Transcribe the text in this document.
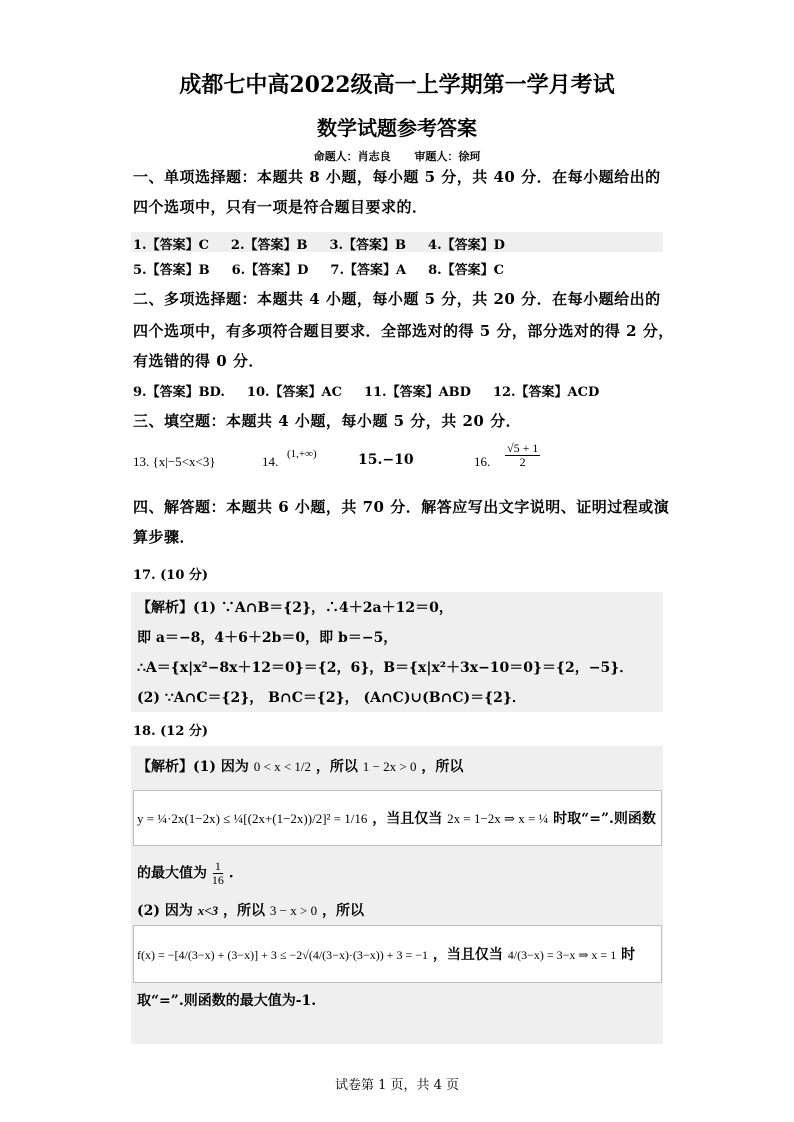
成都七中高2022级高一上学期第一学月考试
数学试题参考答案
命题人：肖志良 审题人：徐珂
一、单项选择题：本题共 8 小题，每小题 5 分，共 40 分．在每小题给出的
四个选项中，只有一项是符合题目要求的．
1.【答案】C 2.【答案】B 3.【答案】B 4.【答案】D
5.【答案】B 6.【答案】D 7.【答案】A 8.【答案】C
二、多项选择题：本题共 4 小题，每小题 5 分，共 20 分．在每小题给出的
四个选项中，有多项符合题目要求．全部选对的得 5 分，部分选对的得 2 分，
有选错的得 0 分．
9.【答案】BD. 10.【答案】AC 11.【答案】ABD 12.【答案】ACD
三、填空题：本题共 4 小题，每小题 5 分，共 20 分．
13. {x|−5<x<3}	14. (1,+∞)	15.−10	16. $\frac{√5 + 1}{2}$
四、解答题：本题共 6 小题，共 70 分．解答应写出文字说明、证明过程或演
算步骤．
17. (10 分)
【解析】(1) ∵A∩B＝{2}，∴4＋2a＋12＝0，
即 a＝−8，4＋6＋2b＝0，即 b＝−5，
∴A＝{x|x²−8x＋12＝0}＝{2，6}，B＝{x|x²＋3x−10＝0}＝{2，−5}．
(2) ∵A∩C＝{2}， B∩C＝{2}， (A∩C)∪(B∩C)＝{2}．
18. (12 分)
【解析】(1) 因为 0 < x < 1/2 ，所以 1 − 2x > 0 ，所以
y = ¼·2x(1−2x) ≤ ¼[(2x+(1−2x))/2]² = 1/16 ，当且仅当 2x = 1−2x ⇒ x = ¼ 时取“=”.则函数
的最大值为 $\frac{1}{16}$ .
(2) 因为 x<3 ，所以 3 − x > 0 ，所以
f(x) = −[4/(3−x) + (3−x)] + 3 ≤ −2√(4/(3−x)·(3−x)) + 3 = −1 ，当且仅当 4/(3−x) = 3−x ⇒ x = 1 时
取“=”.则函数的最大值为-1.
试卷第 1 页，共 4 页
